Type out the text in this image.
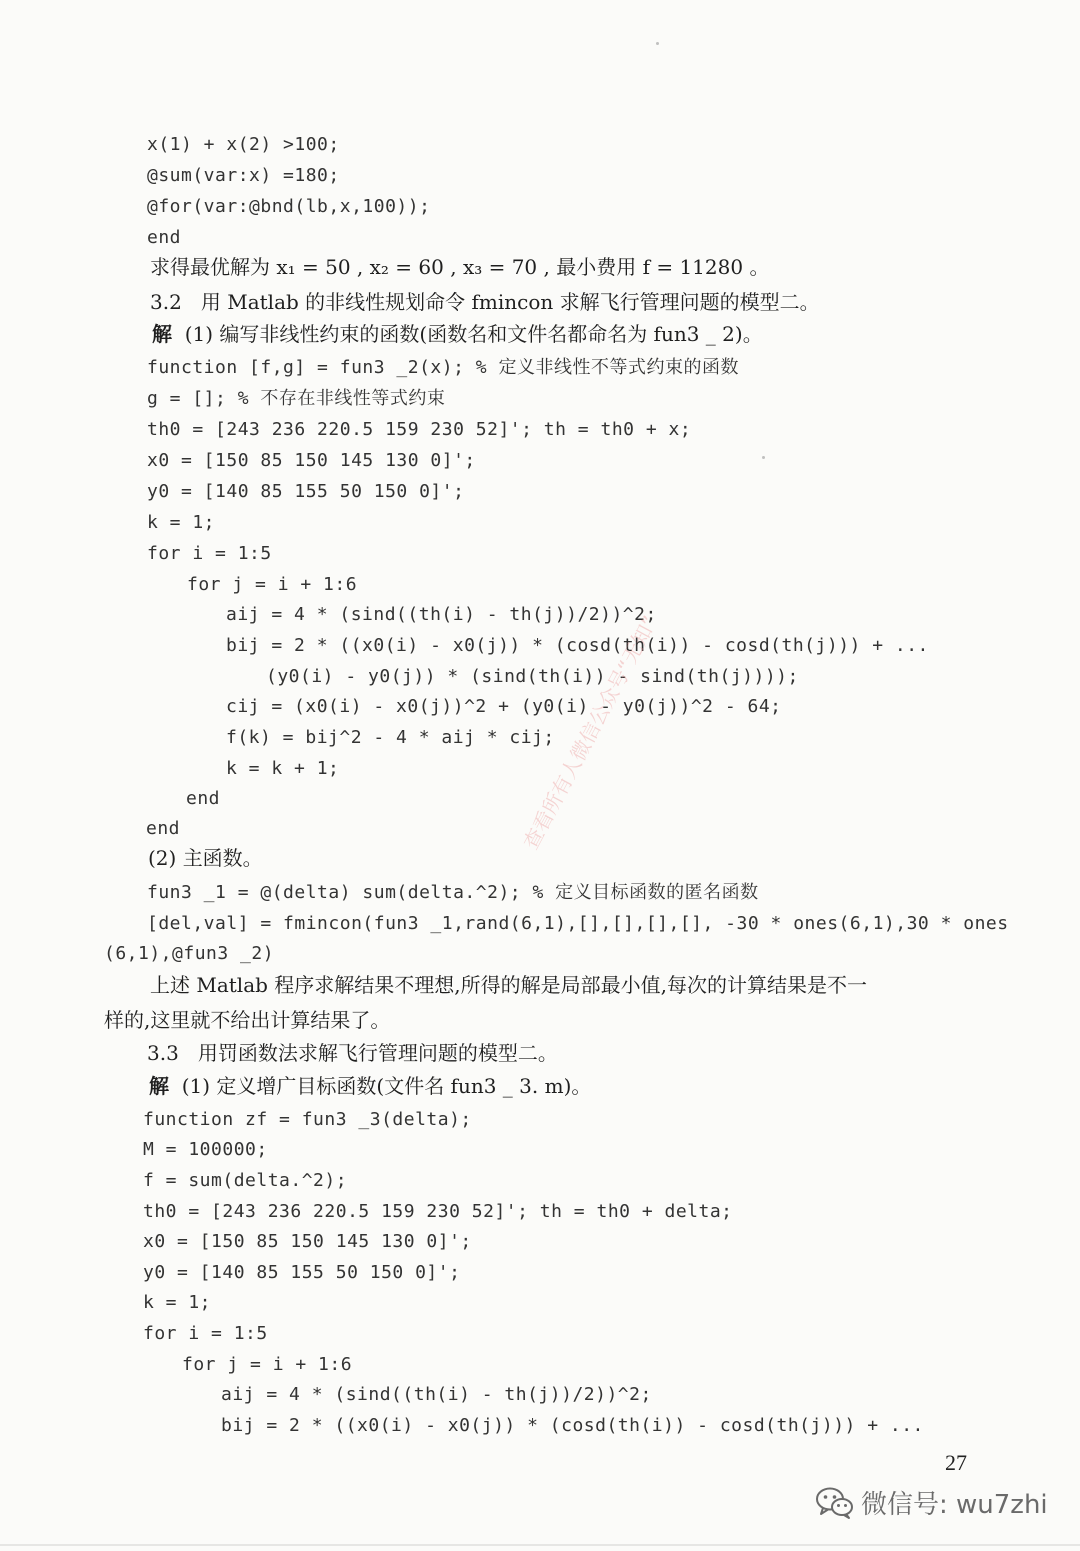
x(1) + x(2) >100;
@sum(var:x) =180;
@for(var:@bnd(lb,x,100));
end
求得最优解为 x₁ = 50 , x₂ = 60 , x₃ = 70 , 最小费用 f = 11280 。
3.2   用 Matlab 的非线性规划命令 fmincon 求解飞行管理问题的模型二。
解  (1) 编写非线性约束的函数(函数名和文件名都命名为 fun3 _ 2)。
function [f,g] = fun3 _2(x); % 定义非线性不等式约束的函数
g = []; % 不存在非线性等式约束
th0 = [243 236 220.5 159 230 52]'; th = th0 + x;
x0 = [150 85 150 145 130 0]';
y0 = [140 85 155 50 150 0]';
k = 1;
for i = 1:5
for j = i + 1:6
aij = 4 * (sind((th(i) - th(j))/2))^2;
bij = 2 * ((x0(i) - x0(j)) * (cosd(th(i)) - cosd(th(j))) + ...
(y0(i) - y0(j)) * (sind(th(i)) - sind(th(j))));
cij = (x0(i) - x0(j))^2 + (y0(i) - y0(j))^2 - 64;
f(k) = bij^2 - 4 * aij * cij;
k = k + 1;
end
end
(2) 主函数。
fun3 _1 = @(delta) sum(delta.^2); % 定义目标函数的匿名函数
[del,val] = fmincon(fun3 _1,rand(6,1),[],[],[],[], -30 * ones(6,1),30 * ones
(6,1),@fun3 _2)
上述 Matlab 程序求解结果不理想,所得的解是局部最小值,每次的计算结果是不一
样的,这里就不给出计算结果了。
3.3   用罚函数法求解飞行管理问题的模型二。
解  (1) 定义增广目标函数(文件名 fun3 _ 3. m)。
function zf = fun3 _3(delta);
M = 100000;
f = sum(delta.^2);
th0 = [243 236 220.5 159 230 52]'; th = th0 + delta;
x0 = [150 85 150 145 130 0]';
y0 = [140 85 155 50 150 0]';
k = 1;
for i = 1:5
for j = i + 1:6
aij = 4 * (sind((th(i) - th(j))/2))^2;
bij = 2 * ((x0(i) - x0(j)) * (cosd(th(i)) - cosd(th(j))) + ...
查看所有人微信公众号“无知”
27
微信号: wu7zhi
